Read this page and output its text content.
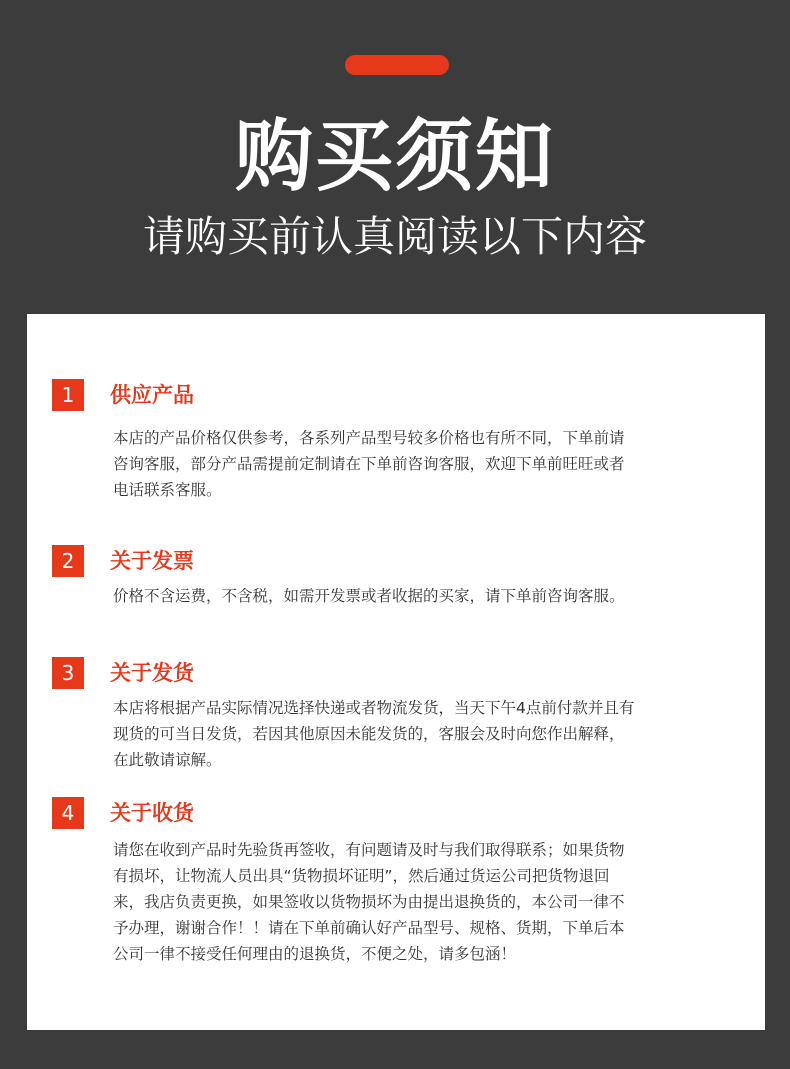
购买须知
请购买前认真阅读以下内容
1	供应产品
本店的产品价格仅供参考，各系列产品型号较多价格也有所不同，下单前请
咨询客服，部分产品需提前定制请在下单前咨询客服，欢迎下单前旺旺或者
电话联系客服。
2	关于发票
价格不含运费，不含税，如需开发票或者收据的买家，请下单前咨询客服。
3	关于发货
本店将根据产品实际情况选择快递或者物流发货，当天下午4点前付款并且有
现货的可当日发货，若因其他原因未能发货的，客服会及时向您作出解释，
在此敬请谅解。
4	关于收货
请您在收到产品时先验货再签收，有问题请及时与我们取得联系；如果货物
有损坏，让物流人员出具“货物损坏证明”，然后通过货运公司把货物退回
来，我店负责更换，如果签收以货物损坏为由提出退换货的，本公司一律不
予办理，谢谢合作！！请在下单前确认好产品型号、规格、货期，下单后本
公司一律不接受任何理由的退换货，不便之处，请多包涵！
